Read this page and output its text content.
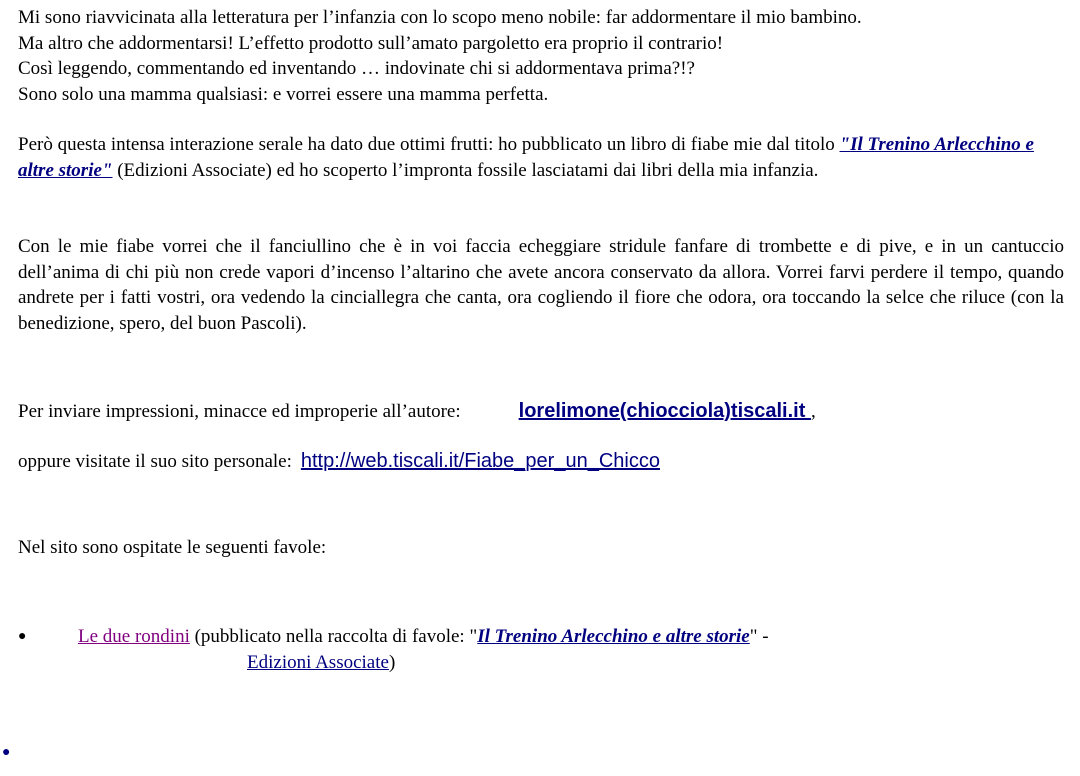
Mi sono riavvicinata alla letteratura per l’infanzia con lo scopo meno nobile: far addormentare il mio bambino.

Ma altro che addormentarsi! L’effetto prodotto sull’amato pargoletto era proprio il contrario!

Così leggendo, commentando ed inventando … indovinate chi si addormentava prima?!?

Sono solo una mamma qualsiasi: e vorrei essere una mamma perfetta.

Però questa intensa interazione serale ha dato due ottimi frutti: ho pubblicato un libro di fiabe mie dal titolo "Il Trenino Arlecchino e altre storie" (Edizioni Associate) ed ho scoperto l’impronta fossile lasciatami dai libri della mia infanzia.

Con le mie fiabe vorrei che il fanciullino che è in voi faccia echeggiare stridule fanfare di trombette e di pive, e in un cantuccio dell’anima di chi più non crede vapori d’incenso l’altarino che avete ancora conservato da allora. Vorrei farvi perdere il tempo, quando andrete per i fatti vostri, ora vedendo la cinciallegra che canta, ora cogliendo il fiore che odora, ora toccando la selce che riluce (con la benedizione, spero, del buon Pascoli).

Per inviare impressioni, minacce ed improperie all’autore:	lorelimone(chiocciola)tiscali.it ,

oppure visitate il suo sito personale: http://web.tiscali.it/Fiabe_per_un_Chicco

Nel sito sono ospitate le seguenti favole:

●	Le due rondini (pubblicato nella raccolta di favole: "Il Trenino Arlecchino e altre storie" -
Edizioni Associate)
●
